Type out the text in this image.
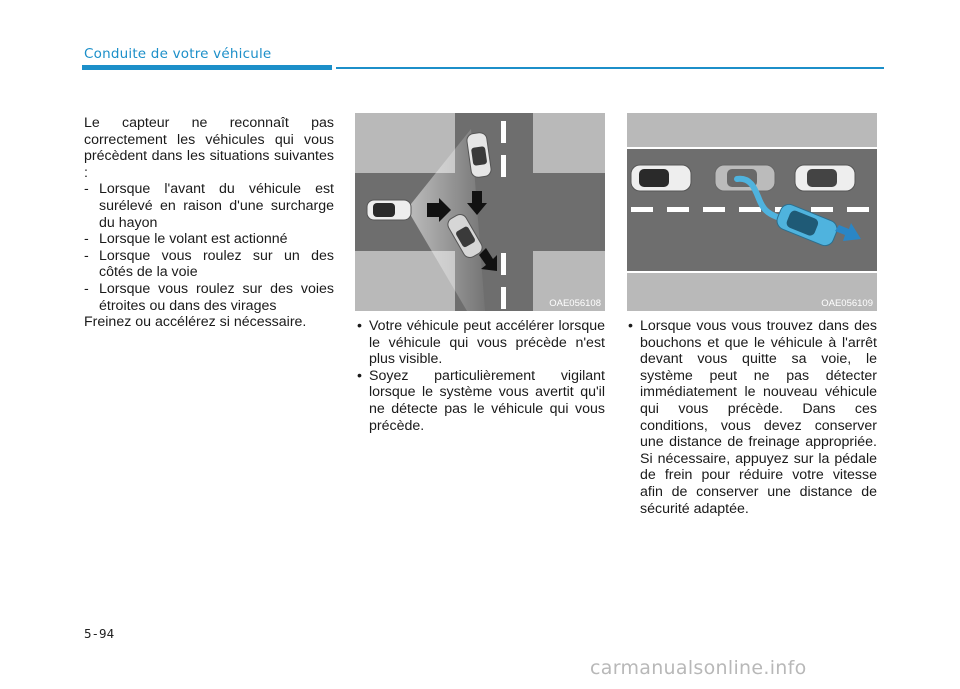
Conduite de votre véhicule

Le capteur ne reconnaît pas correctement les véhicules qui vous précèdent dans les situations suivantes :

- Lorsque l'avant du véhicule est surélevé en raison d'une surcharge du hayon
- Lorsque le volant est actionné
- Lorsque vous roulez sur un des côtés de la voie
- Lorsque vous roulez sur des voies étroites ou dans des virages

Freinez ou accélérez si nécessaire.

OAE056108	OAE056109
• Votre véhicule peut accélérer lorsque le véhicule qui vous précède n'est plus visible.
• Soyez particulièrement vigilant lorsque le système vous avertit qu'il ne détecte pas le véhicule qui vous précède.
• Lorsque vous vous trouvez dans des bouchons et que le véhicule à l'arrêt devant vous quitte sa voie, le système peut ne pas détecter immédiatement le nouveau véhicule qui vous précède. Dans ces conditions, vous devez conserver une distance de freinage appropriée. Si nécessaire, appuyez sur la pédale de frein pour réduire votre vitesse afin de conserver une distance de sécurité adaptée.
5-94
carmanualsonline.info
